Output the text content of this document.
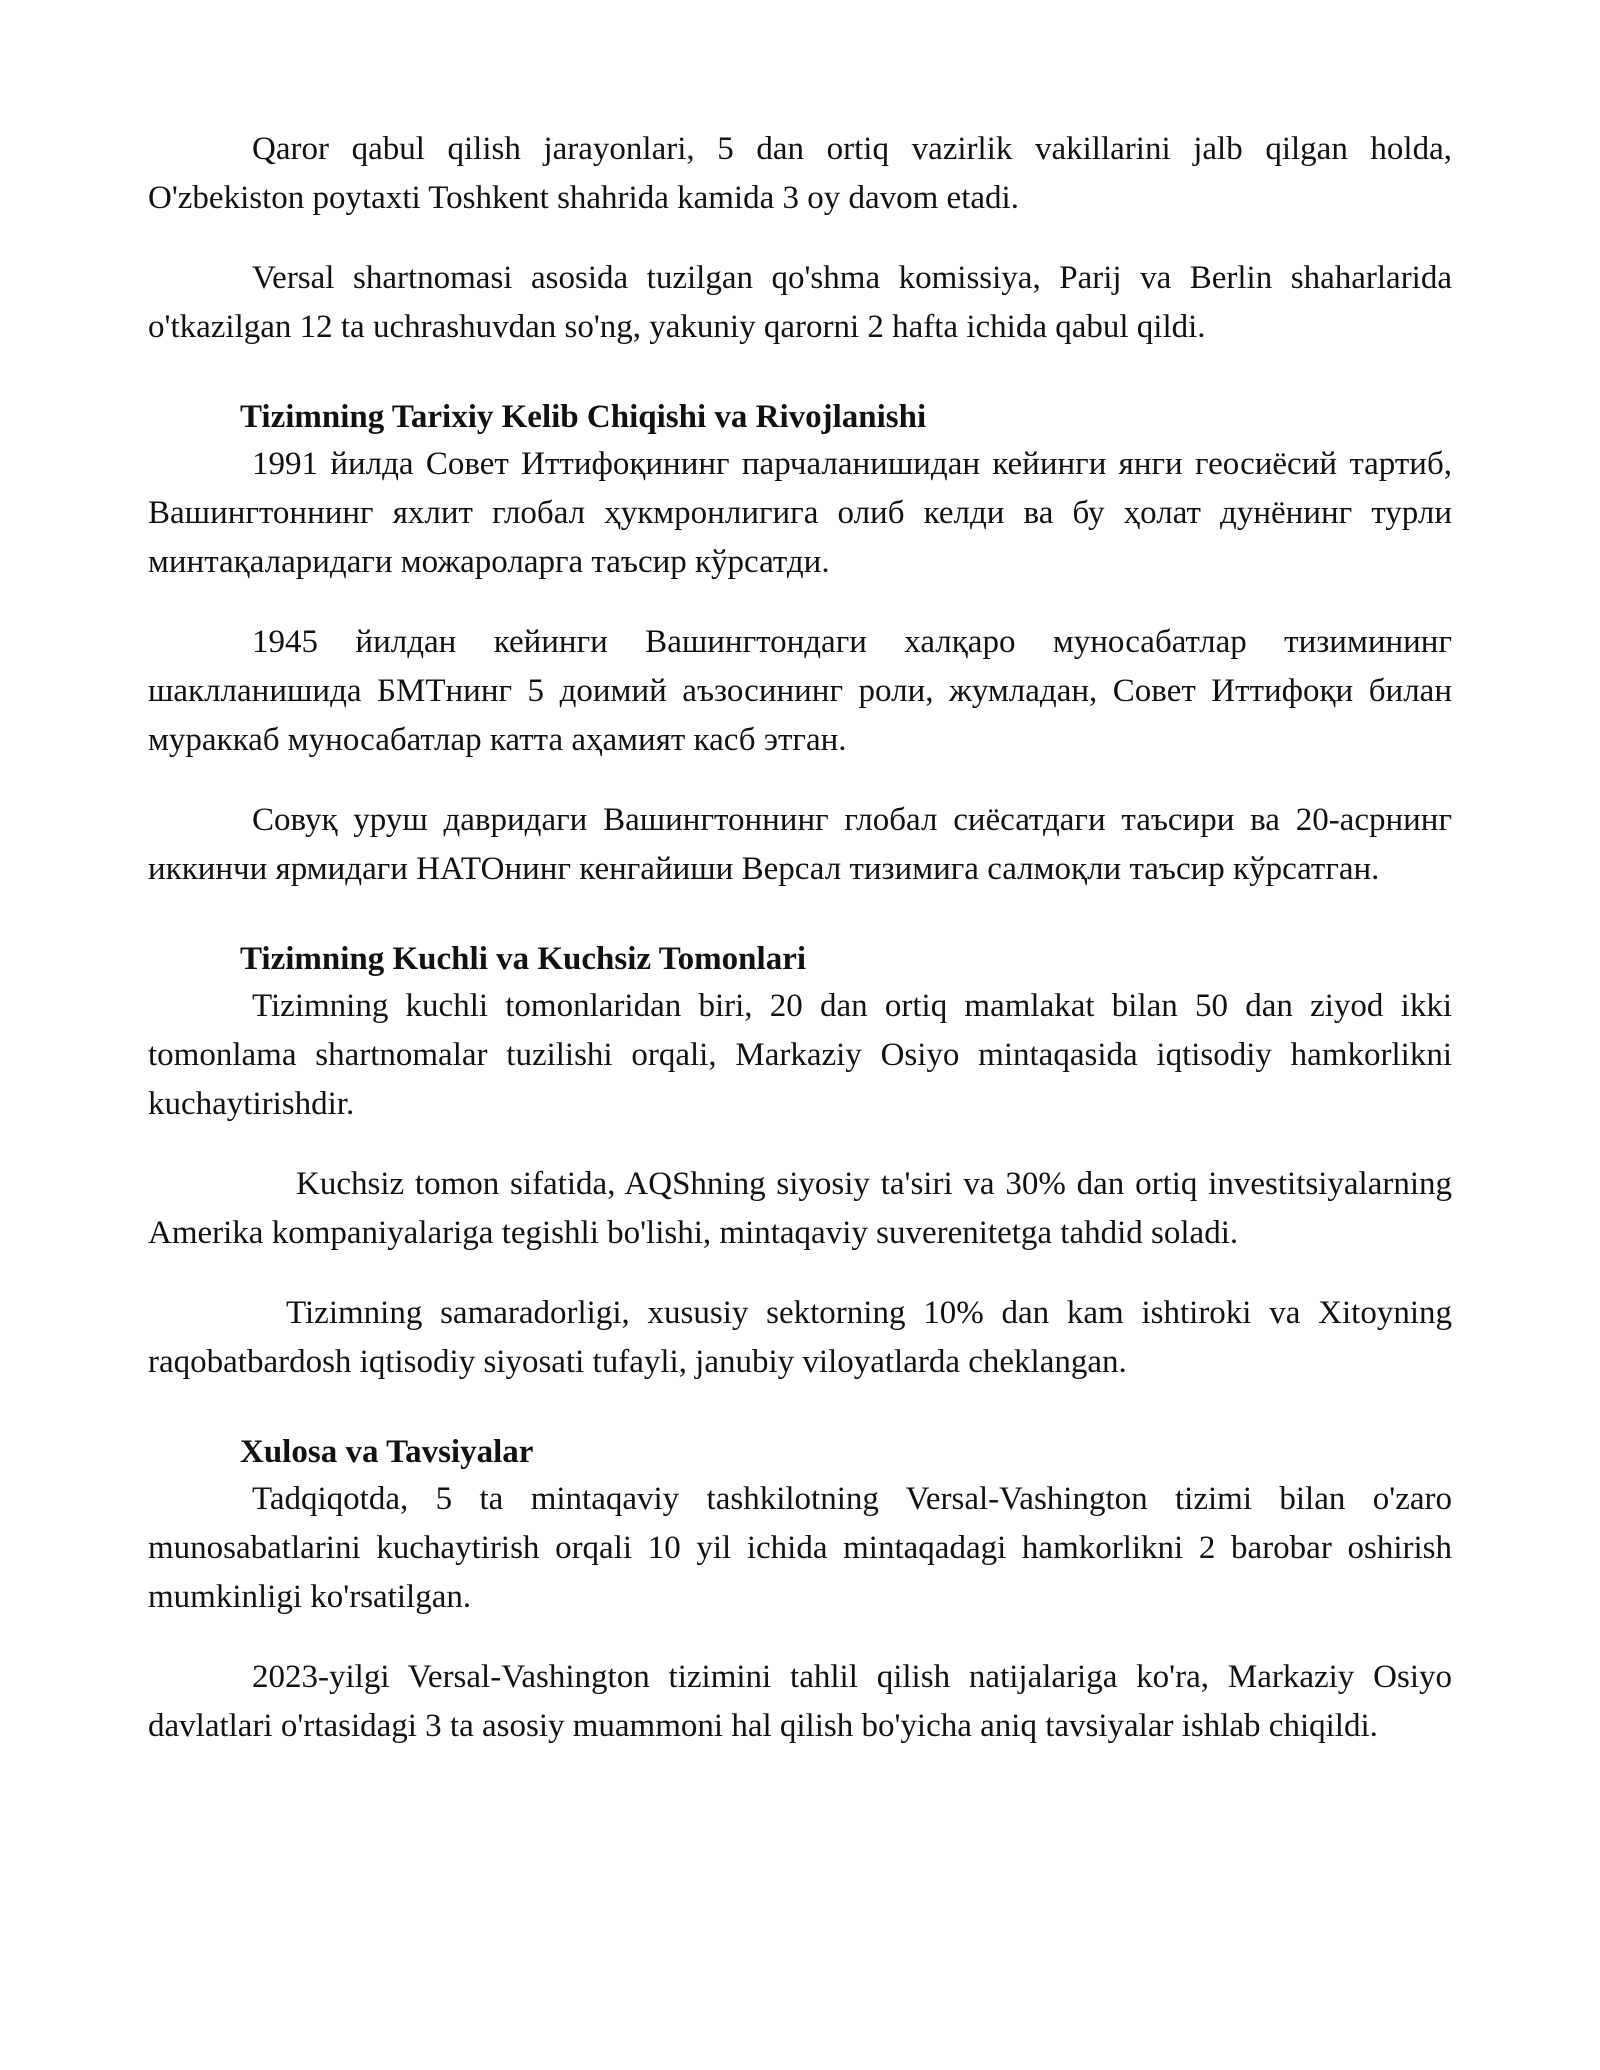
Qaror qabul qilish jarayonlari, 5 dan ortiq vazirlik vakillarini jalb qilgan holda, O'zbekiston poytaxti Toshkent shahrida kamida 3 oy davom etadi.

Versal shartnomasi asosida tuzilgan qo'shma komissiya, Parij va Berlin shaharlarida o'tkazilgan 12 ta uchrashuvdan so'ng, yakuniy qarorni 2 hafta ichida qabul qildi.

Tizimning Tarixiy Kelib Chiqishi va Rivojlanishi

1991 йилда Совет Иттифоқининг парчаланишидан кейинги янги геосиёсий тартиб, Вашингтоннинг яхлит глобал ҳукмронлигига олиб келди ва бу ҳолат дунёнинг турли минтақаларидаги можароларга таъсир кўрсатди.

1945 йилдан кейинги Вашингтондаги халқаро муносабатлар тизимининг шаклланишида БМТнинг 5 доимий аъзосининг роли, жумладан, Совет Иттифоқи билан мураккаб муносабатлар катта аҳамият касб этган.

Совуқ уруш давридаги Вашингтоннинг глобал сиёсатдаги таъсири ва 20-асрнинг иккинчи ярмидаги НАТОнинг кенгайиши Версал тизимига салмоқли таъсир кўрсатган.

Tizimning Kuchli va Kuchsiz Tomonlari

Tizimning kuchli tomonlaridan biri, 20 dan ortiq mamlakat bilan 50 dan ziyod ikki tomonlama shartnomalar tuzilishi orqali, Markaziy Osiyo mintaqasida iqtisodiy hamkorlikni kuchaytirishdir.

Kuchsiz tomon sifatida, AQShning siyosiy ta'siri va 30% dan ortiq investitsiyalarning Amerika kompaniyalariga tegishli bo'lishi, mintaqaviy suverenitetga tahdid soladi.

Tizimning samaradorligi, xususiy sektorning 10% dan kam ishtiroki va Xitoyning raqobatbardosh iqtisodiy siyosati tufayli, janubiy viloyatlarda cheklangan.

Xulosa va Tavsiyalar

Tadqiqotda, 5 ta mintaqaviy tashkilotning Versal-Vashington tizimi bilan o'zaro munosabatlarini kuchaytirish orqali 10 yil ichida mintaqadagi hamkorlikni 2 barobar oshirish mumkinligi ko'rsatilgan.

2023-yilgi Versal-Vashington tizimini tahlil qilish natijalariga ko'ra, Markaziy Osiyo davlatlari o'rtasidagi 3 ta asosiy muammoni hal qilish bo'yicha aniq tavsiyalar ishlab chiqildi.
